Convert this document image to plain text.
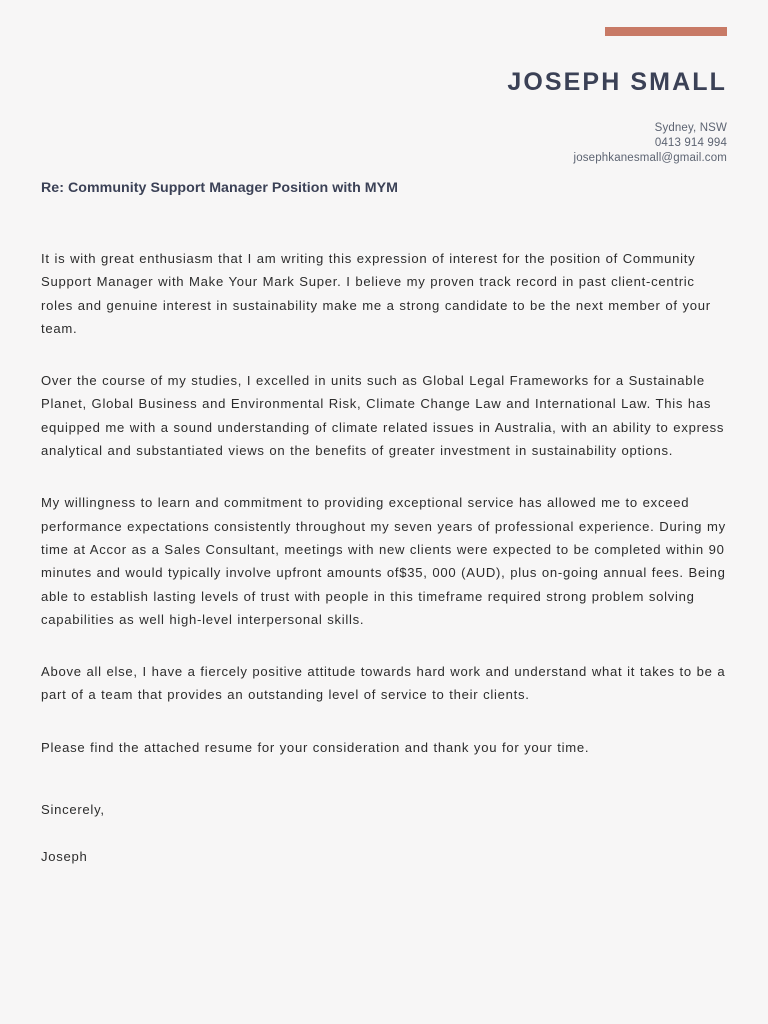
JOSEPH SMALL
Sydney, NSW
0413 914 994
josephkanesmall@gmail.com
Re: Community Support Manager Position with MYM

It is with great enthusiasm that I am writing this expression of interest for the position of Community Support Manager with Make Your Mark Super. I believe my proven track record in past client-centric roles and genuine interest in sustainability make me a strong candidate to be the next member of your team.

Over the course of my studies, I excelled in units such as Global Legal Frameworks for a Sustainable Planet, Global Business and Environmental Risk, Climate Change Law and International Law. This has equipped me with a sound understanding of climate related issues in Australia, with an ability to express analytical and substantiated views on the benefits of greater investment in sustainability options.

My willingness to learn and commitment to providing exceptional service has allowed me to exceed performance expectations consistently throughout my seven years of professional experience. During my time at Accor as a Sales Consultant, meetings with new clients were expected to be completed within 90 minutes and would typically involve upfront amounts of$35, 000 (AUD), plus on-going annual fees. Being able to establish lasting levels of trust with people in this timeframe required strong problem solving capabilities as well high-level interpersonal skills.

Above all else, I have a fiercely positive attitude towards hard work and understand what it takes to be a part of a team that provides an outstanding level of service to their clients.

Please find the attached resume for your consideration and thank you for your time.

Sincerely,

Joseph
